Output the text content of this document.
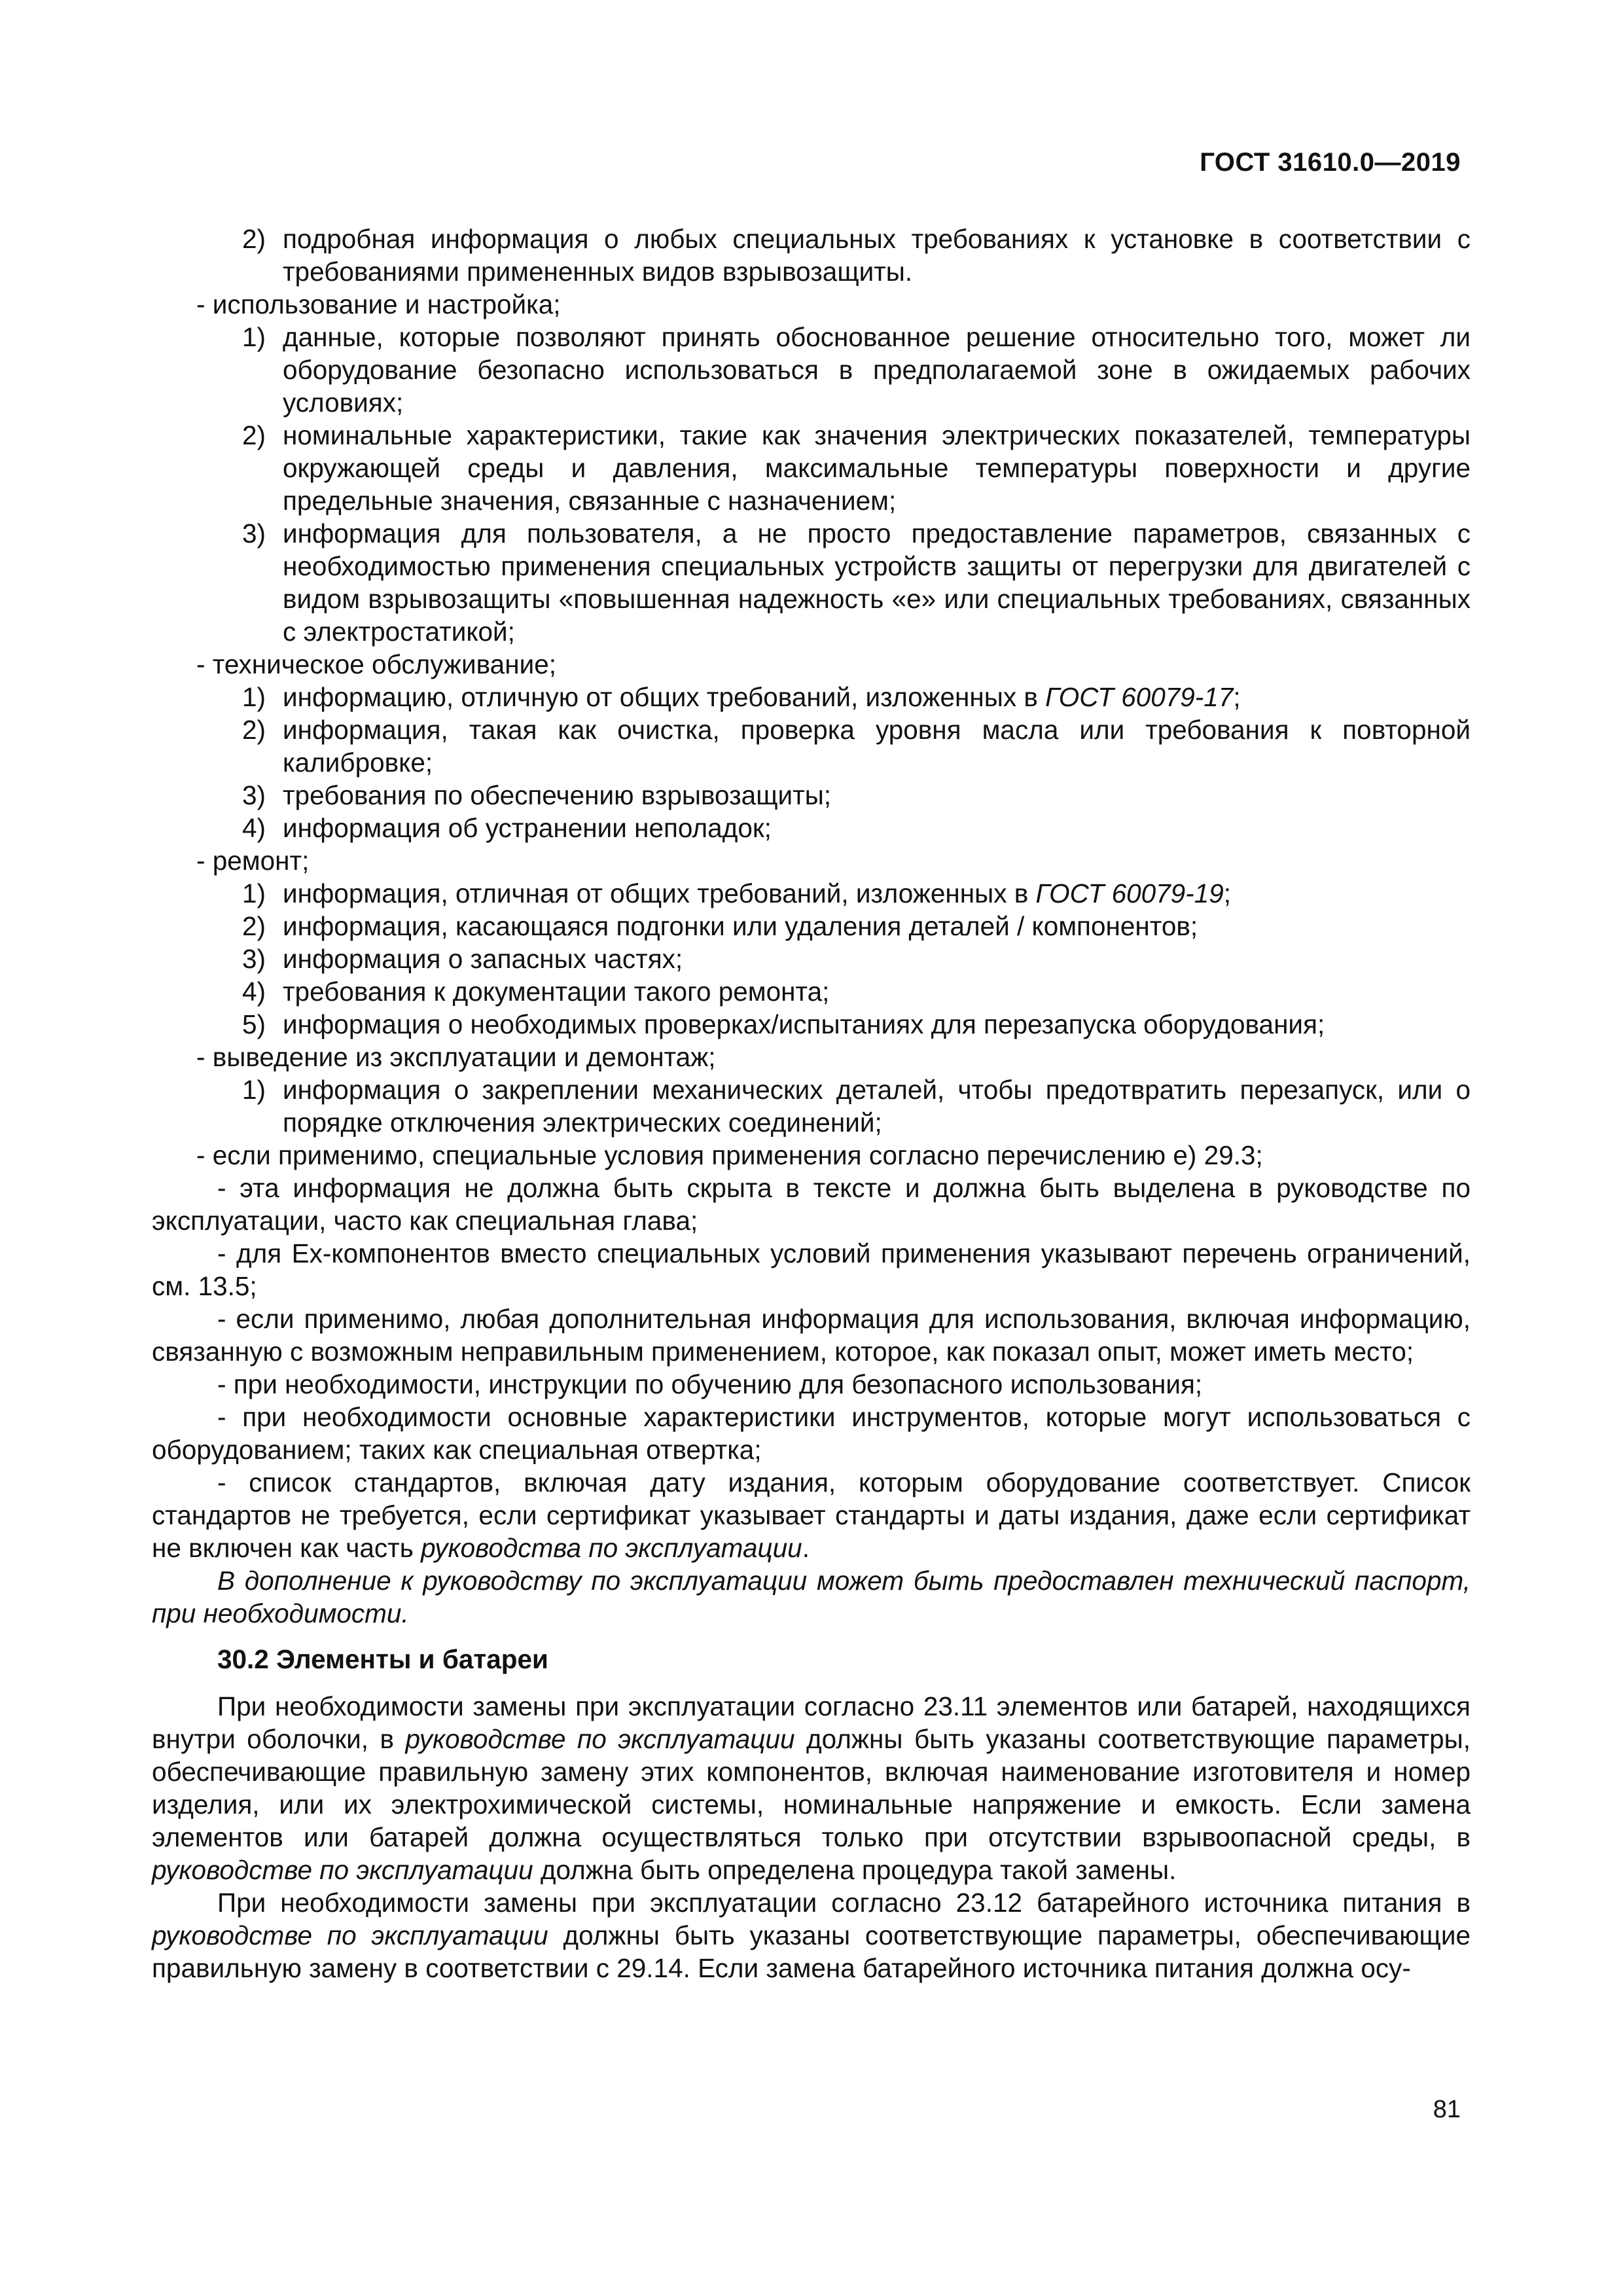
ГОСТ 31610.0—2019
2) подробная информация о любых специальных требованиях к установке в соответствии с требованиями примененных видов взрывозащиты.
- использование и настройка;
1) данные, которые позволяют принять обоснованное решение относительно того, может ли оборудование безопасно использоваться в предполагаемой зоне в ожидаемых рабочих условиях;
2) номинальные характеристики, такие как значения электрических показателей, температуры окружающей среды и давления, максимальные температуры поверхности и другие предельные значения, связанные с назначением;
3) информация для пользователя, а не просто предоставление параметров, связанных с необходимостью применения специальных устройств защиты от перегрузки для двигателей с видом взрывозащиты «повышенная надежность «е» или специальных требованиях, связанных с электростатикой;
- техническое обслуживание;
1) информацию, отличную от общих требований, изложенных в ГОСТ 60079-17;
2) информация, такая как очистка, проверка уровня масла или требования к повторной калибровке;
3) требования по обеспечению взрывозащиты;
4) информация об устранении неполадок;
- ремонт;
1) информация, отличная от общих требований, изложенных в ГОСТ 60079-19;
2) информация, касающаяся подгонки или удаления деталей / компонентов;
3) информация о запасных частях;
4) требования к документации такого ремонта;
5) информация о необходимых проверках/испытаниях для перезапуска оборудования;
- выведение из эксплуатации и демонтаж;
1) информация о закреплении механических деталей, чтобы предотвратить перезапуск, или о порядке отключения электрических соединений;
- если применимо, специальные условия применения согласно перечислению е) 29.3;
- эта информация не должна быть скрыта в тексте и должна быть выделена в руководстве по эксплуатации, часто как специальная глава;
- для Ex-компонентов вместо специальных условий применения указывают перечень ограничений, см. 13.5;
- если применимо, любая дополнительная информация для использования, включая информацию, связанную с возможным неправильным применением, которое, как показал опыт, может иметь место;
- при необходимости, инструкции по обучению для безопасного использования;
- при необходимости основные характеристики инструментов, которые могут использоваться с оборудованием; таких как специальная отвертка;
- список стандартов, включая дату издания, которым оборудование соответствует. Список стандартов не требуется, если сертификат указывает стандарты и даты издания, даже если сертификат не включен как часть руководства по эксплуатации.
В дополнение к руководству по эксплуатации может быть предоставлен технический паспорт, при необходимости.
30.2 Элементы и батареи
При необходимости замены при эксплуатации согласно 23.11 элементов или батарей, находящихся внутри оболочки, в руководстве по эксплуатации должны быть указаны соответствующие параметры, обеспечивающие правильную замену этих компонентов, включая наименование изготовителя и номер изделия, или их электрохимической системы, номинальные напряжение и емкость. Если замена элементов или батарей должна осуществляться только при отсутствии взрывоопасной среды, в руководстве по эксплуатации должна быть определена процедура такой замены.
При необходимости замены при эксплуатации согласно 23.12 батарейного источника питания в руководстве по эксплуатации должны быть указаны соответствующие параметры, обеспечивающие правильную замену в соответствии с 29.14. Если замена батарейного источника питания должна осу-
81
